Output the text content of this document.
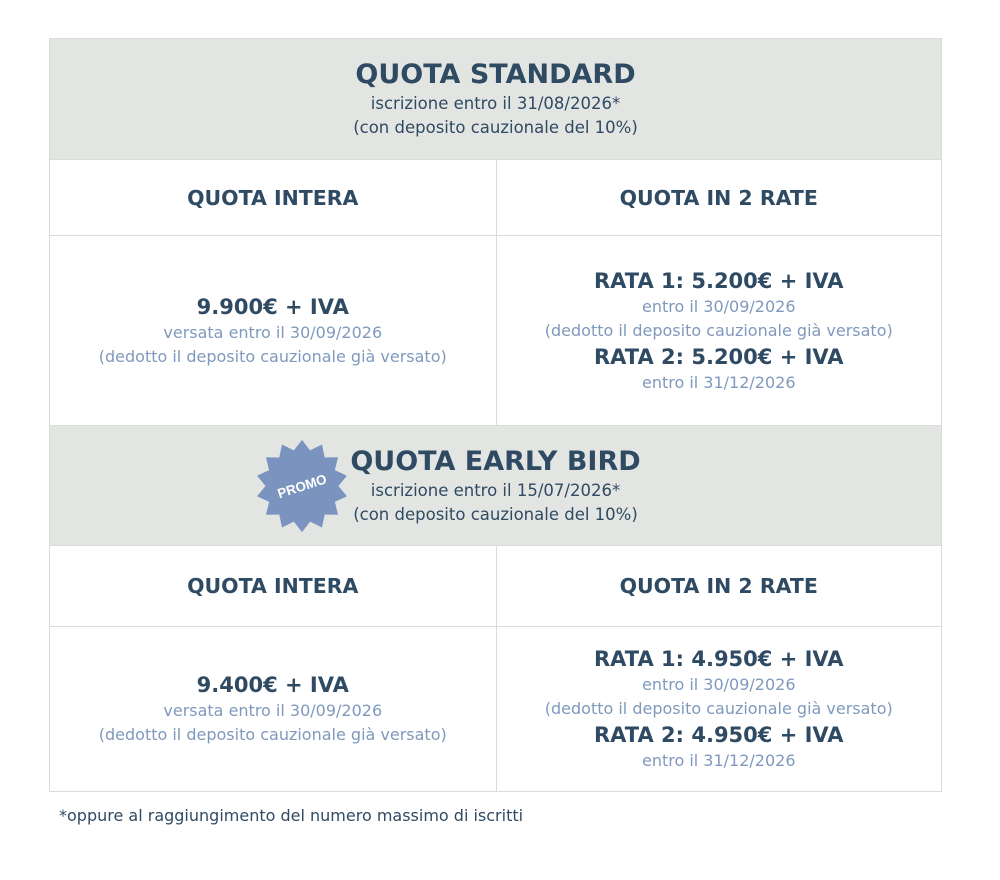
QUOTA STANDARD
iscrizione entro il 31/08/2026*
(con deposito cauzionale del 10%)
QUOTA INTERA	QUOTA IN 2 RATE
9.900€ + IVA
versata entro il 30/09/2026
(dedotto il deposito cauzionale già versato)
RATA 1: 5.200€ + IVA
entro il 30/09/2026
(dedotto il deposito cauzionale già versato)
RATA 2: 5.200€ + IVA
entro il 31/12/2026
PROMO
QUOTA EARLY BIRD
iscrizione entro il 15/07/2026*
(con deposito cauzionale del 10%)
QUOTA INTERA	QUOTA IN 2 RATE
9.400€ + IVA
versata entro il 30/09/2026
(dedotto il deposito cauzionale già versato)
RATA 1: 4.950€ + IVA
entro il 30/09/2026
(dedotto il deposito cauzionale già versato)
RATA 2: 4.950€ + IVA
entro il 31/12/2026
*oppure al raggiungimento del numero massimo di iscritti
